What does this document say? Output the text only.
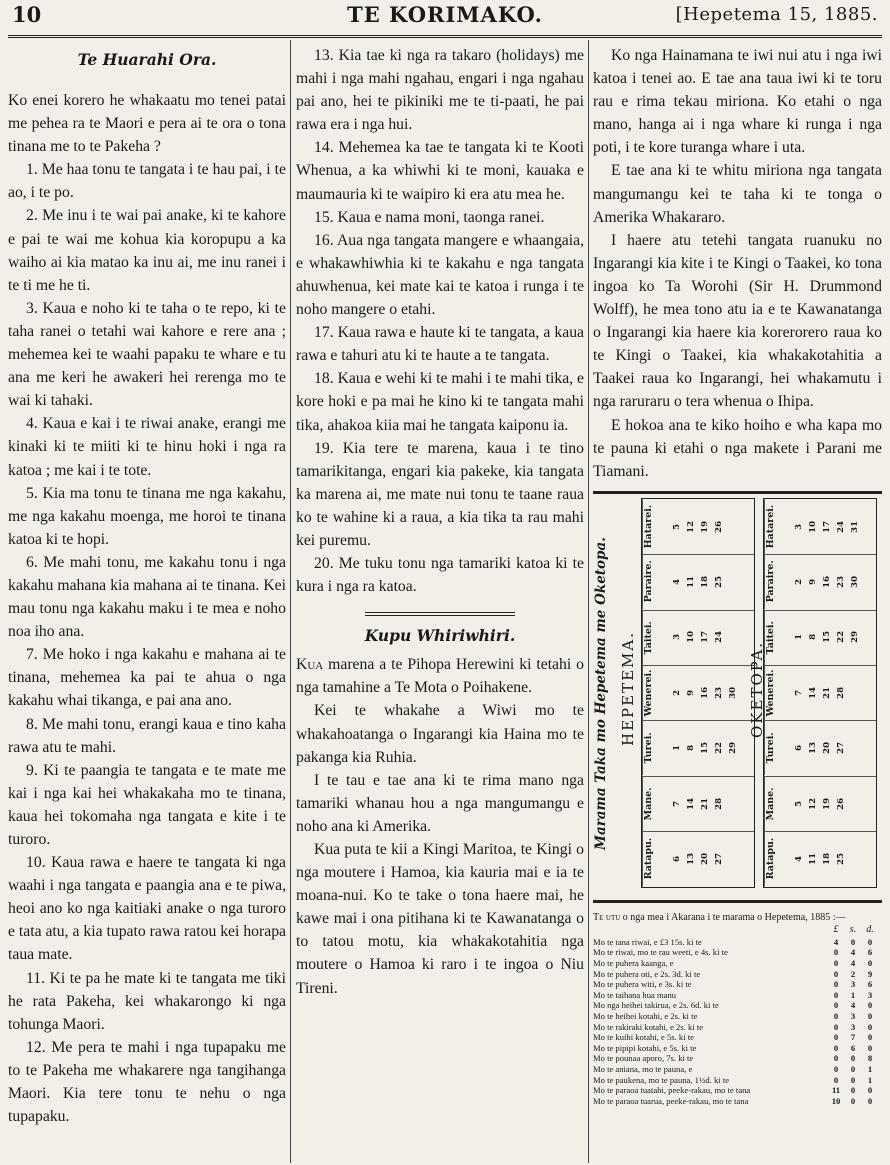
10	TE KORIMAKO.	[Hepetema 15, 1885.
Te Huarahi Ora.

Ko enei korero he whakaatu mo tenei patai me pehea ra te Maori e pera ai te ora o tona tinana me to te Pakeha ?

1. Me haa tonu te tangata i te hau pai, i te ao, i te po.

2. Me inu i te wai pai anake, ki te kahore e pai te wai me kohua kia koropupu a ka waiho ai kia matao ka inu ai, me inu ranei i te ti me he ti.

3. Kaua e noho ki te taha o te repo, ki te taha ranei o tetahi wai kahore e rere ana ; mehemea kei te waahi papaku te whare e tu ana me keri he awakeri hei rerenga mo te wai ki tahaki.

4. Kaua e kai i te riwai anake, erangi me kinaki ki te miiti ki te hinu hoki i nga ra katoa ; me kai i te tote.

5. Kia ma tonu te tinana me nga kakahu, me nga kakahu moenga, me horoi te tinana katoa ki te hopi.

6. Me mahi tonu, me kakahu tonu i nga kakahu mahana kia mahana ai te tinana. Kei mau tonu nga kakahu maku i te mea e noho noa iho ana.

7. Me hoko i nga kakahu e mahana ai te tinana, mehemea ka pai te ahua o nga kakahu whai tikanga, e pai ana ano.

8. Me mahi tonu, erangi kaua e tino kaha rawa atu te mahi.

9. Ki te paangia te tangata e te mate me kai i nga kai hei whakakaha mo te tinana, kaua hei tokomaha nga tangata e kite i te turoro.

10. Kaua rawa e haere te tangata ki nga waahi i nga tangata e paangia ana e te piwa, heoi ano ko nga kaitiaki anake o nga turoro e tata atu, a kia tupato rawa ratou kei horapa taua mate.

11. Ki te pa he mate ki te tangata me tiki he rata Pakeha, kei whakarongo ki nga tohunga Maori.

12. Me pera te mahi i nga tupapaku me to te Pakeha me whakarere nga tangihanga Maori. Kia tere tonu te nehu o nga tupapaku.

13. Kia tae ki nga ra takaro (holidays) me mahi i nga mahi ngahau, engari i nga ngahau pai ano, hei te pikiniki me te ti-paati, he pai rawa era i nga hui.

14. Mehemea ka tae te tangata ki te Kooti Whenua, a ka whiwhi ki te moni, kauaka e maumauria ki te waipiro ki era atu mea he.

15. Kaua e nama moni, taonga ranei.

16. Aua nga tangata mangere e whaangaia, e whakawhiwhia ki te kakahu e nga tangata ahuwhenua, kei mate kai te katoa i runga i te noho mangere o etahi.

17. Kaua rawa e haute ki te tangata, a kaua rawa e tahuri atu ki te haute a te tangata.

18. Kaua e wehi ki te mahi i te mahi tika, e kore hoki e pa mai he kino ki te tangata mahi tika, ahakoa kiia mai he tangata kaiponu ia.

19. Kia tere te marena, kaua i te tino tamarikitanga, engari kia pakeke, kia tangata ka marena ai, me mate nui tonu te taane raua ko te wahine ki a raua, a kia tika ta rau mahi kei puremu.

20. Me tuku tonu nga tamariki katoa ki te kura i nga ra katoa.

Kupu Whiriwhiri.

Kua marena a te Pihopa Herewini ki tetahi o nga tamahine a Te Mota o Poihakene.

Kei te whakahe a Wiwi mo te whakahoatanga o Ingarangi kia Haina mo te pakanga kia Ruhia.

I te tau e tae ana ki te rima mano nga tamariki whanau hou a nga mangumangu e noho ana ki Amerika.

Kua puta te kii a Kingi Maritoa, te Kingi o nga moutere i Hamoa, kia kauria mai e ia te moana-nui. Ko te take o tona haere mai, he kawe mai i ona pitihana ki te Kawanatanga o to tatou motu, kia whakakotahitia nga moutere o Hamoa ki raro i te ingoa o Niu Tireni.

Ko nga Hainamana te iwi nui atu i nga iwi katoa i tenei ao. E tae ana taua iwi ki te toru rau e rima tekau miriona. Ko etahi o nga mano, hanga ai i nga whare ki runga i nga poti, i te kore turanga whare i uta.

E tae ana ki te whitu miriona nga tangata mangumangu kei te taha ki te tonga o Amerika Whakararo.

I haere atu tetehi tangata ruanuku no Ingarangi kia kite i te Kingi o Taakei, ko tona ingoa ko Ta Worohi (Sir H. Drummond Wolff), he mea tono atu ia e te Kawanatanga o Ingarangi kia haere kia korerorero raua ko te Kingi o Taakei, kia whakakotahitia a Taakei raua ko Ingarangi, hei whakamutu i nga raruraru o tera whenua o Ihipa.

E hokoa ana te kiko hoiho e wha kapa mo te pauna ki etahi o nga makete i Parani me Tiamani.

Marama Taka mo Hepetema me Oketopa. HEPETEMA.
Ratapu.	6 13 20 27
Mane.	7 14 21 28
Turei.	1 8 15 22 29
Wenerei.	2 9 16 23 30
Taitei.	3 10 17 24
Paraire.	4 11 18 25
Hatarei.	5 12 19 26
OKETOPA.
Ratapu.	4 11 18 25
Mane.	5 12 19 26
Turei.	6 13 20 27
Wenerei.	7 14 21 28
Taitei.	1 8 15 22 29
Paraire.	2 9 16 23 30
Hatarei.	3 10 17 24 31
Te utu o nga mea i Akarana i te marama o Hepetema, 1885 :—
£	s.	d.
Mo te tana riwai, e £3 15s. ki te	4	0	0
Mo te riwai, mo te rau weeti, e 4s. ki te	0	4	6
Mo te puhera kaanga, e	0	4	0
Mo te puhera oti, e 2s. 3d. ki te	0	2	9
Mo te puhera witi, e 3s. ki te	0	3	6
Mo te taihana hua manu	0	1	3
Mo nga heihei takirua, e 2s. 6d. ki te	0	4	0
Mo te heihei kotahi, e 2s. ki te	0	3	0
Mo te rakiraki kotahi, e 2s. ki te	0	3	0
Mo te kuihi kotahi, e 5s. ki te	0	7	0
Mo te pipipi kotahi, e 5s. ki te	0	6	0
Mo te pounaa aporo, 7s. ki te	0	0	8
Mo te aniana, mo te pauna, e	0	0	1
Mo te paukena, mo te pauna, 1½d. ki te	0	0	1
Mo te paraoa tuatahi, peeke-rakau, mo te tana	11	0	0
Mo te paraoa tuarua, peeke-rakau, mo te tana	10	0	0
